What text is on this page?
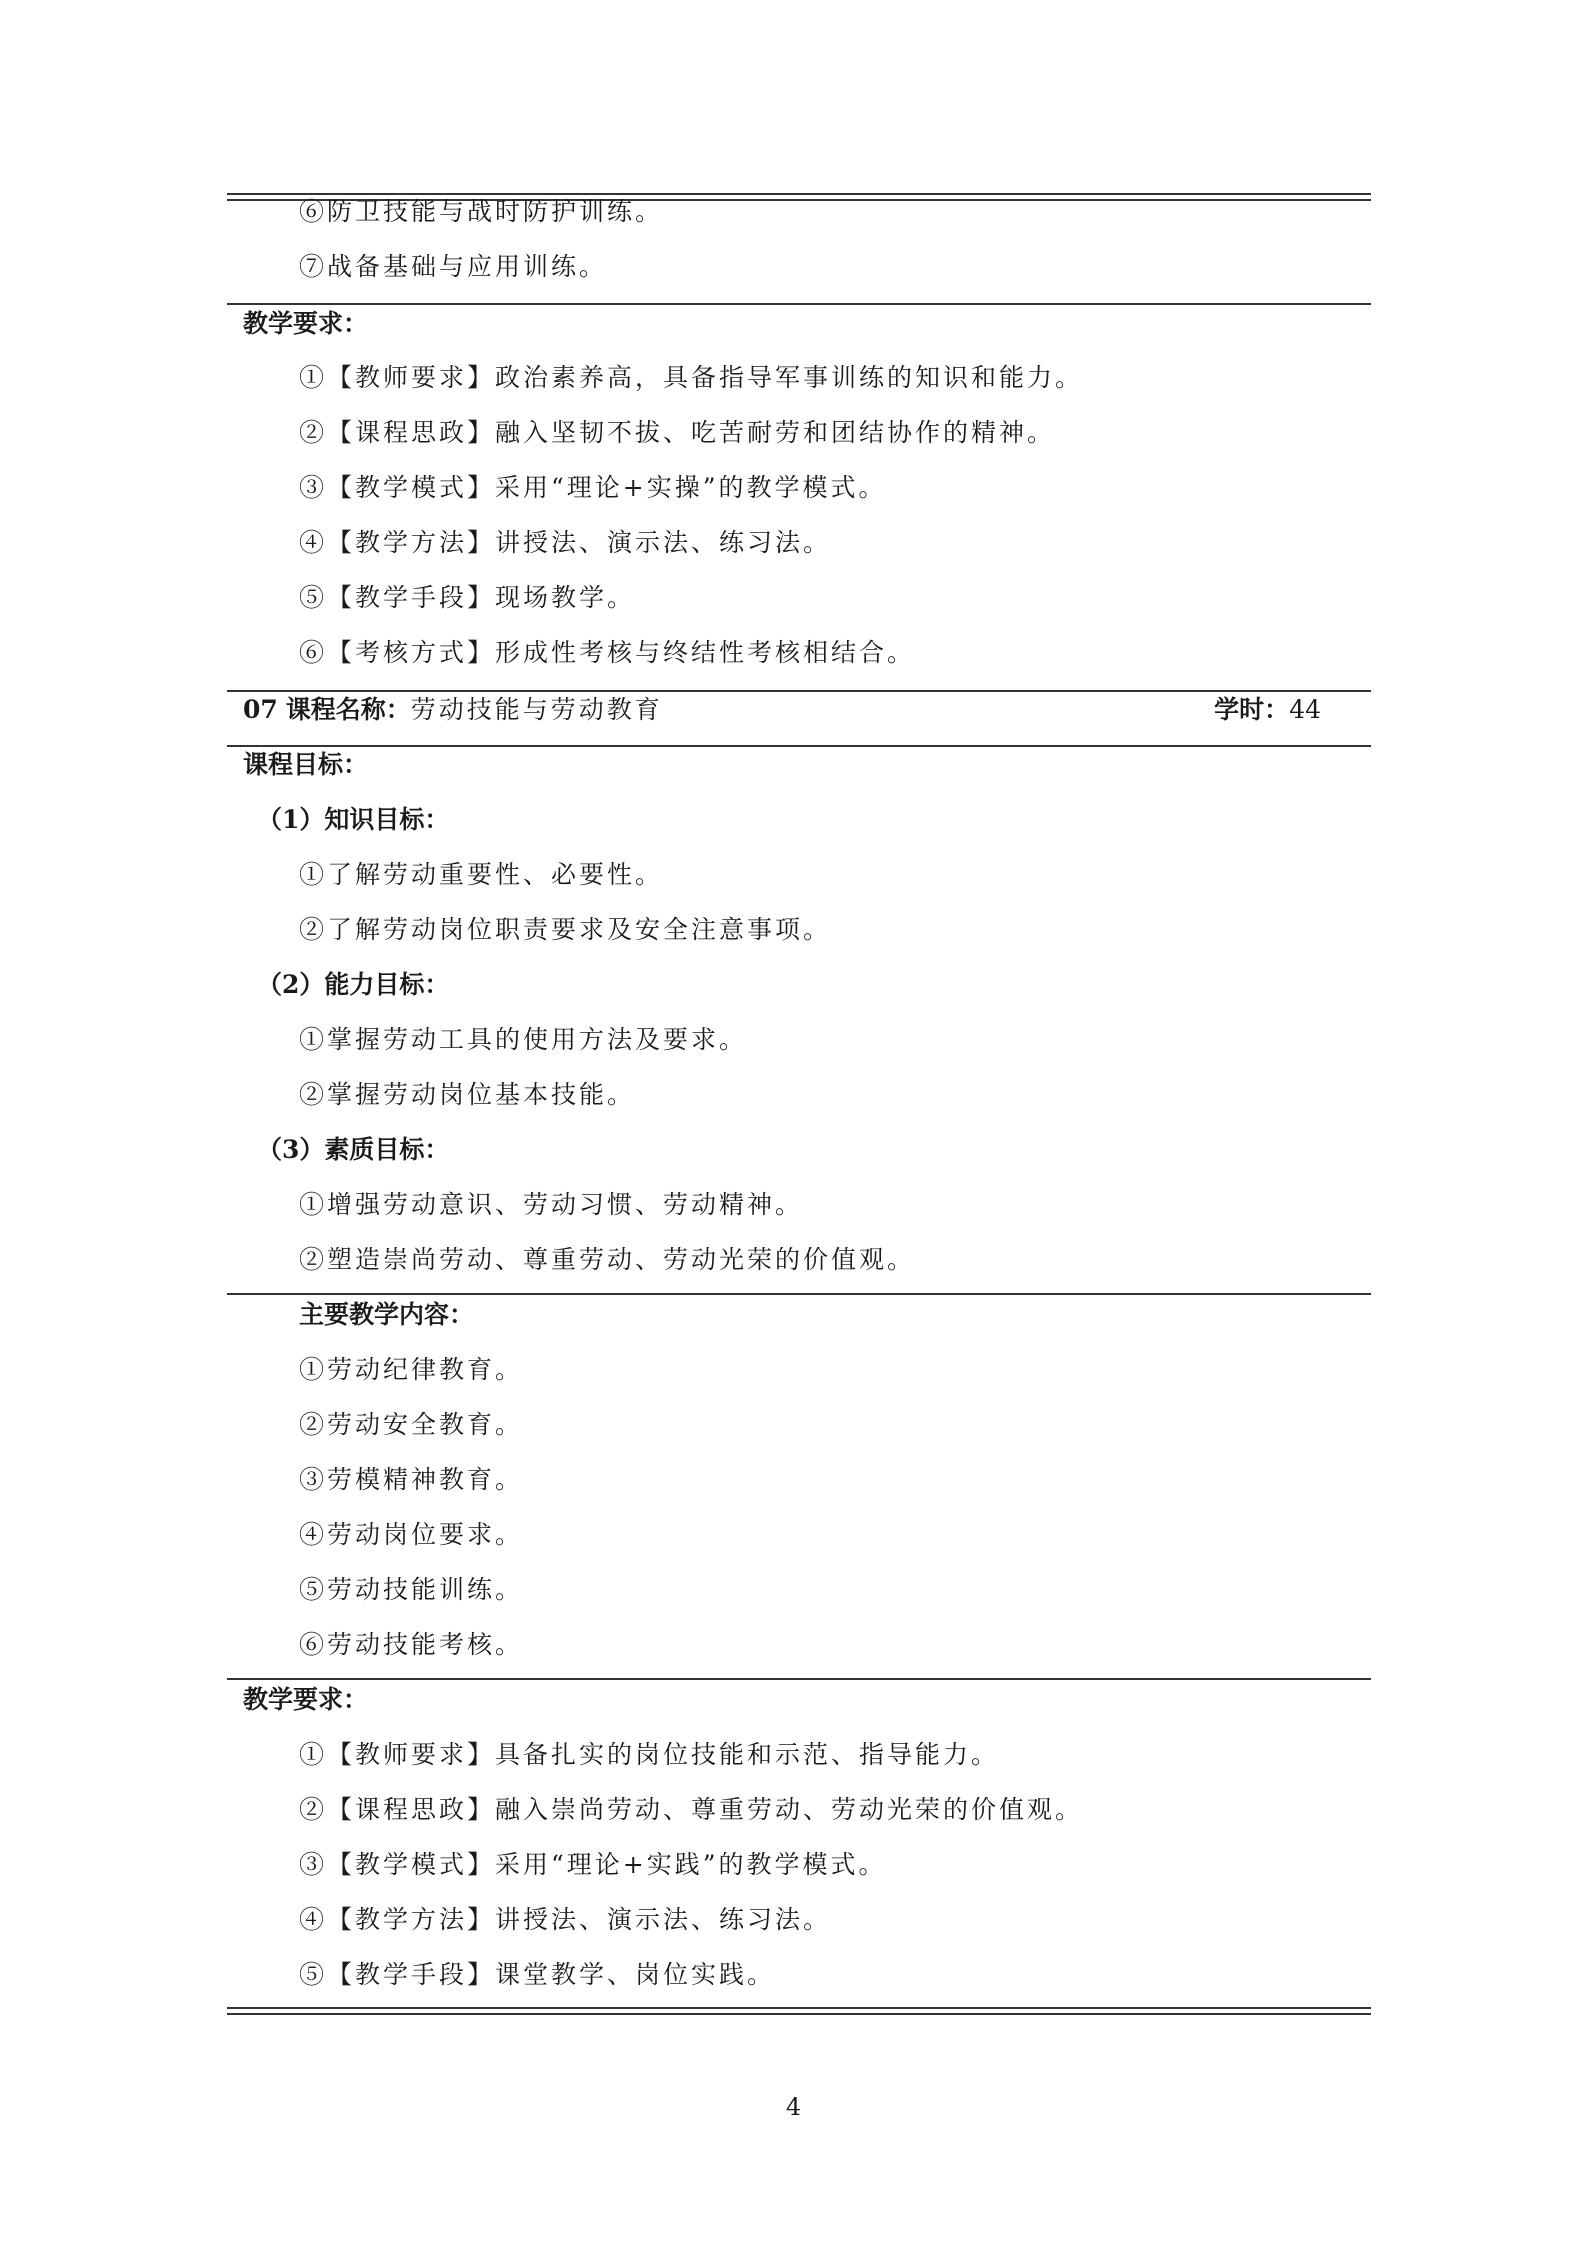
⑥防卫技能与战时防护训练。
⑦战备基础与应用训练。
教学要求：
①【教师要求】政治素养高，具备指导军事训练的知识和能力。
②【课程思政】融入坚韧不拔、吃苦耐劳和团结协作的精神。
③【教学模式】采用“理论+实操”的教学模式。
④【教学方法】讲授法、演示法、练习法。
⑤【教学手段】现场教学。
⑥【考核方式】形成性考核与终结性考核相结合。
07 课程名称：劳动技能与劳动教育	学时：44
课程目标：
（1）知识目标：
①了解劳动重要性、必要性。
②了解劳动岗位职责要求及安全注意事项。
（2）能力目标：
①掌握劳动工具的使用方法及要求。
②掌握劳动岗位基本技能。
（3）素质目标：
①增强劳动意识、劳动习惯、劳动精神。
②塑造崇尚劳动、尊重劳动、劳动光荣的价值观。
主要教学内容：
①劳动纪律教育。
②劳动安全教育。
③劳模精神教育。
④劳动岗位要求。
⑤劳动技能训练。
⑥劳动技能考核。
教学要求：
①【教师要求】具备扎实的岗位技能和示范、指导能力。
②【课程思政】融入崇尚劳动、尊重劳动、劳动光荣的价值观。
③【教学模式】采用“理论+实践”的教学模式。
④【教学方法】讲授法、演示法、练习法。
⑤【教学手段】课堂教学、岗位实践。
4
